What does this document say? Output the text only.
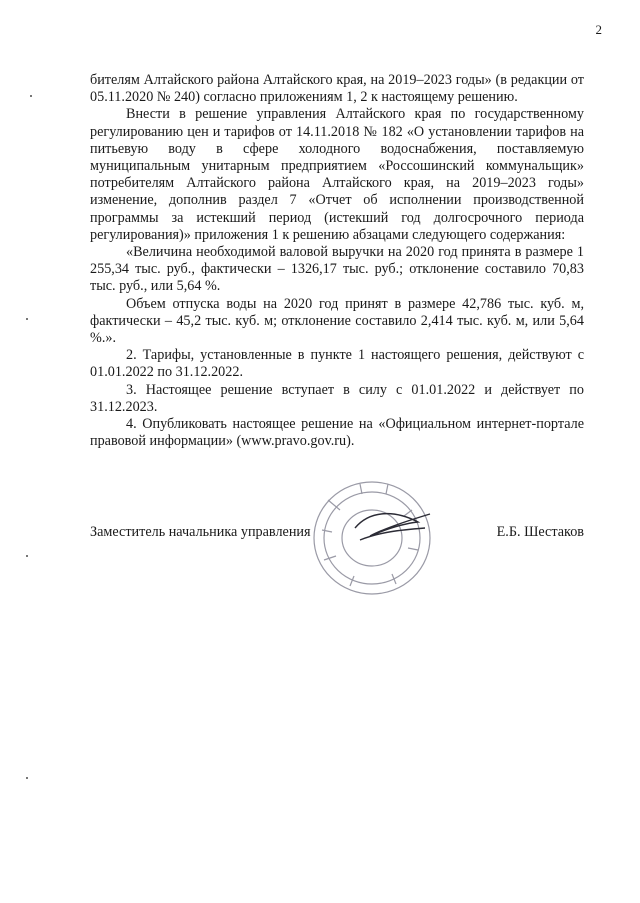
2

бителям Алтайского района Алтайского края, на 2019–2023 годы» (в редакции от 05.11.2020 № 240) согласно приложениям 1, 2 к настоящему решению.

Внести в решение управления Алтайского края по государственному регулированию цен и тарифов от 14.11.2018 № 182 «О установлении тарифов на питьевую воду в сфере холодного водоснабжения, поставляемую муниципальным унитарным предприятием «Россошинский коммунальщик» потребителям Алтайского района Алтайского края, на 2019–2023 годы» изменение, дополнив раздел 7 «Отчет об исполнении производственной программы за истекший период (истекший год долгосрочного периода регулирования)» приложения 1 к решению абзацами следующего содержания:

«Величина необходимой валовой выручки на 2020 год принята в размере 1 255,34 тыс. руб., фактически – 1326,17 тыс. руб.; отклонение составило 70,83 тыс. руб., или 5,64 %.

Объем отпуска воды на 2020 год принят в размере 42,786 тыс. куб. м, фактически – 45,2 тыс. куб. м; отклонение составило 2,414 тыс. куб. м, или 5,64 %.».

2. Тарифы, установленные в пункте 1 настоящего решения, действуют с 01.01.2022 по 31.12.2022.

3. Настоящее решение вступает в силу с 01.01.2022 и действует по 31.12.2023.

4. Опубликовать настоящее решение на «Официальном интернет-портале правовой информации» (www.pravo.gov.ru).

Заместитель начальника управления	Е.Б. Шестаков
